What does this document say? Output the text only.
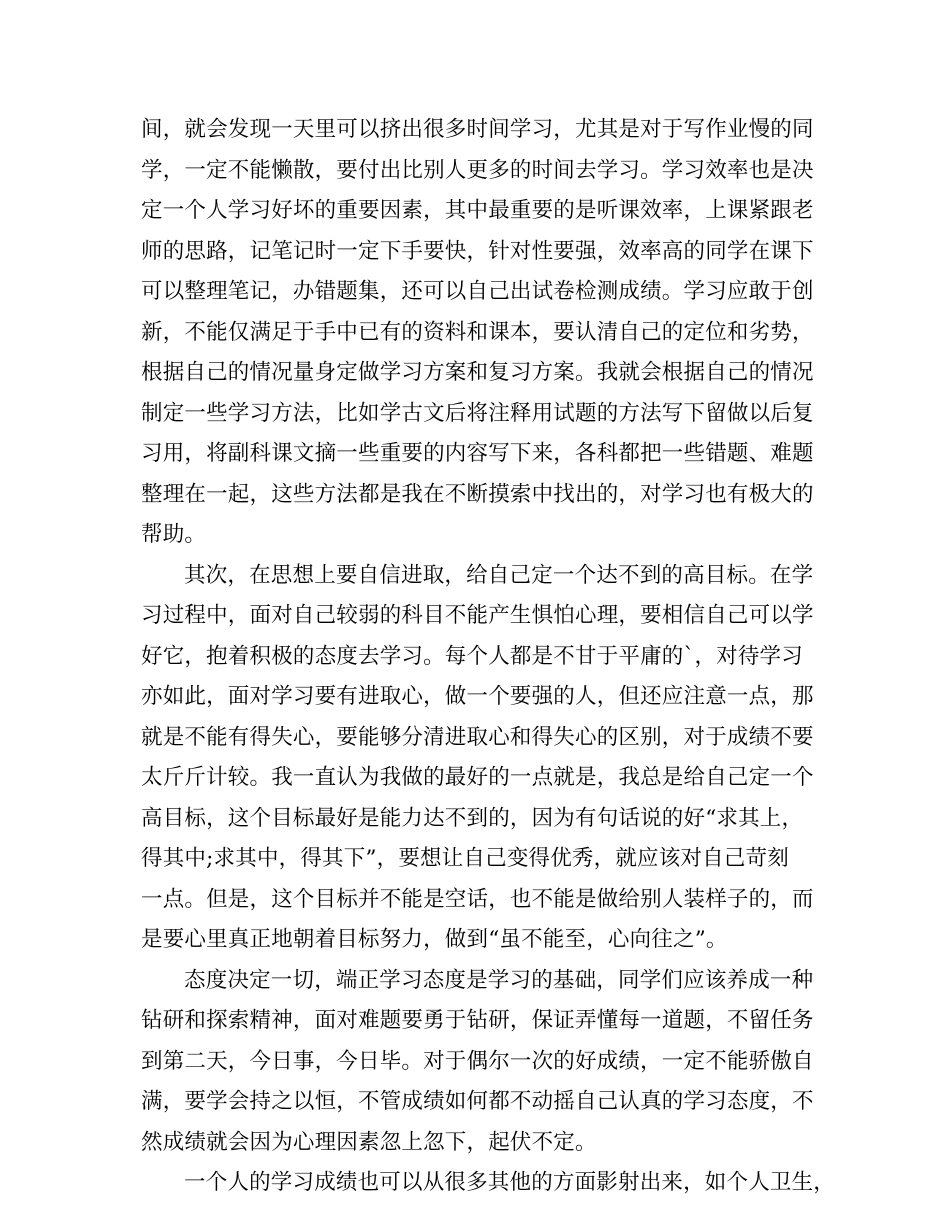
间，就会发现一天里可以挤出很多时间学习，尤其是对于写作业慢的同
学，一定不能懒散，要付出比别人更多的时间去学习。学习效率也是决
定一个人学习好坏的重要因素，其中最重要的是听课效率，上课紧跟老
师的思路，记笔记时一定下手要快，针对性要强，效率高的同学在课下
可以整理笔记，办错题集，还可以自己出试卷检测成绩。学习应敢于创
新，不能仅满足于手中已有的资料和课本，要认清自己的定位和劣势，
根据自己的情况量身定做学习方案和复习方案。我就会根据自己的情况
制定一些学习方法，比如学古文后将注释用试题的方法写下留做以后复
习用，将副科课文摘一些重要的内容写下来，各科都把一些错题、难题
整理在一起，这些方法都是我在不断摸索中找出的，对学习也有极大的
帮助。
其次，在思想上要自信进取，给自己定一个达不到的高目标。在学
习过程中，面对自己较弱的科目不能产生惧怕心理，要相信自己可以学
好它，抱着积极的态度去学习。每个人都是不甘于平庸的`，对待学习
亦如此，面对学习要有进取心，做一个要强的人，但还应注意一点，那
就是不能有得失心，要能够分清进取心和得失心的区别，对于成绩不要
太斤斤计较。我一直认为我做的最好的一点就是，我总是给自己定一个
高目标，这个目标最好是能力达不到的，因为有句话说的好“求其上，
得其中;求其中，得其下”，要想让自己变得优秀，就应该对自己苛刻
一点。但是，这个目标并不能是空话，也不能是做给别人装样子的，而
是要心里真正地朝着目标努力，做到“虽不能至，心向往之”。
态度决定一切，端正学习态度是学习的基础，同学们应该养成一种
钻研和探索精神，面对难题要勇于钻研，保证弄懂每一道题，不留任务
到第二天，今日事，今日毕。对于偶尔一次的好成绩，一定不能骄傲自
满，要学会持之以恒，不管成绩如何都不动摇自己认真的学习态度，不
然成绩就会因为心理因素忽上忽下，起伏不定。
一个人的学习成绩也可以从很多其他的方面影射出来，如个人卫生，
